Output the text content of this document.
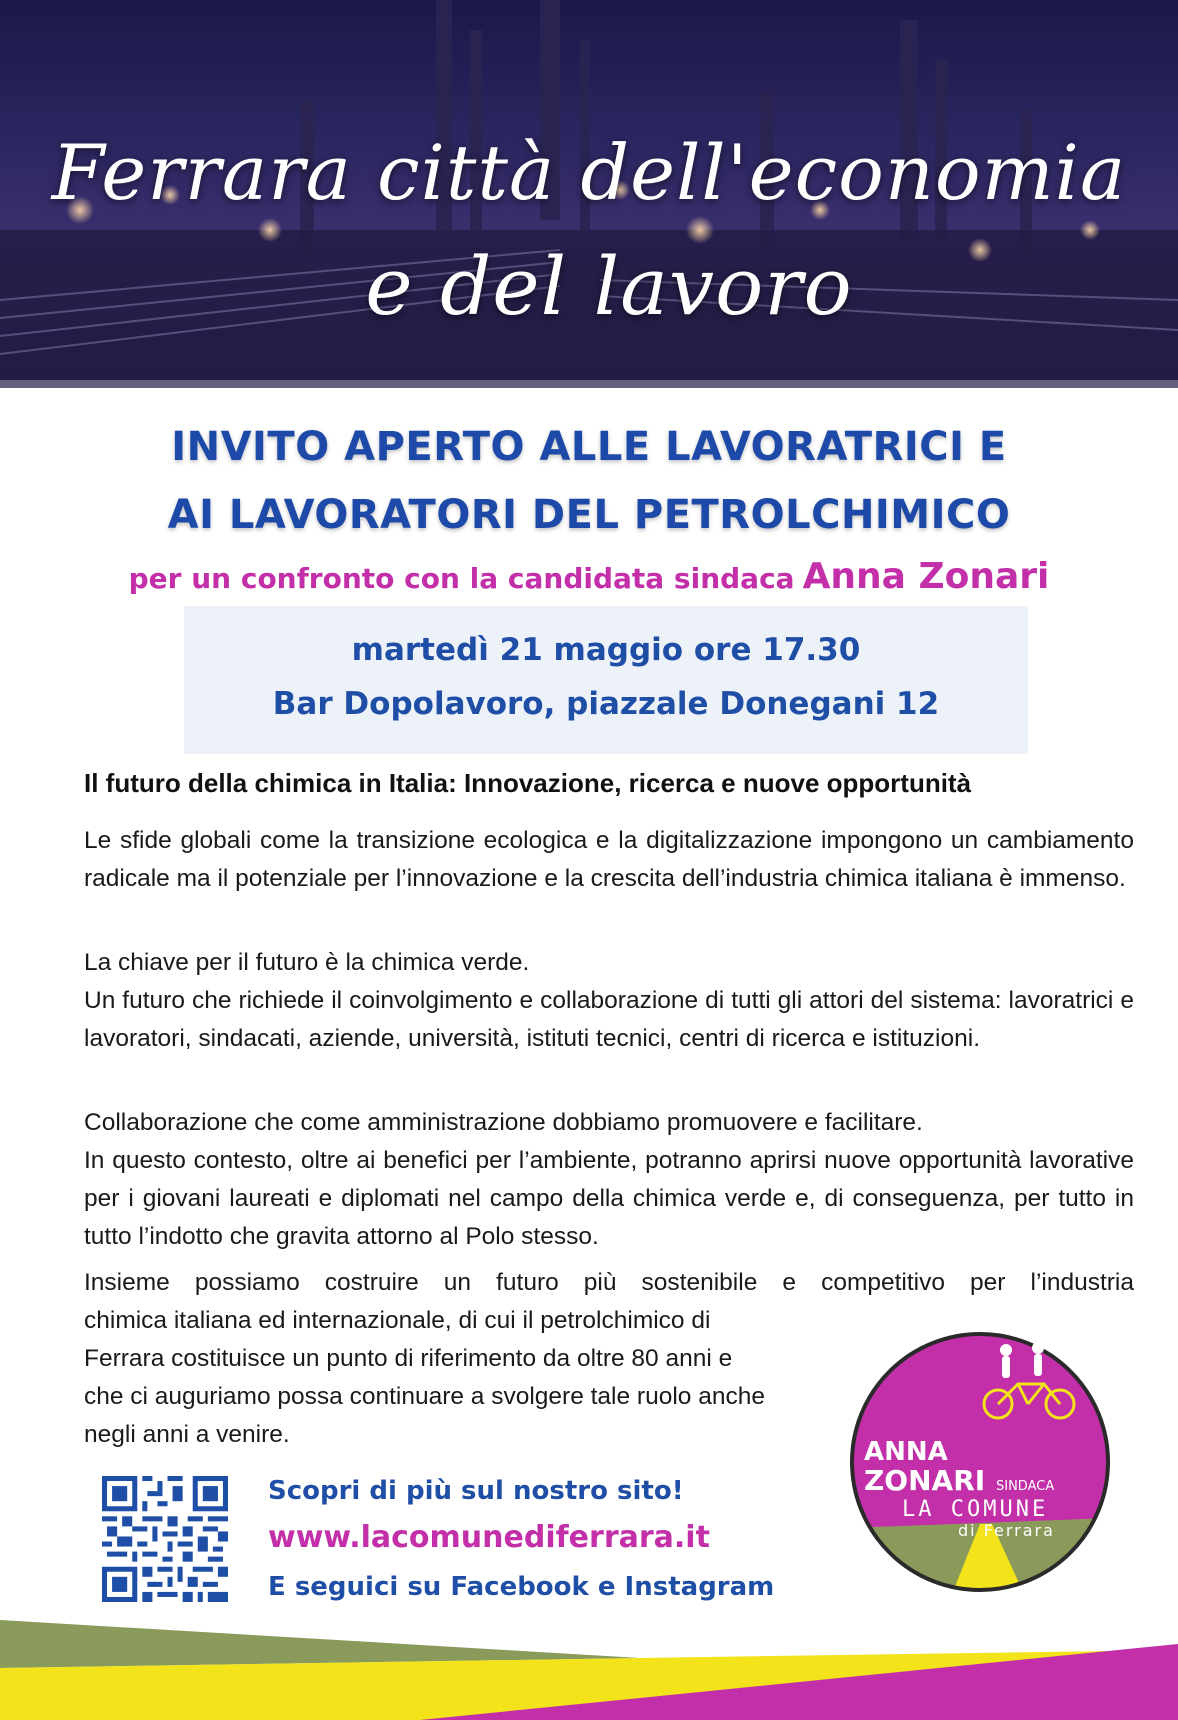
Ferrara città dell'economia
e del lavoro
INVITO APERTO ALLE LAVORATRICI E
AI LAVORATORI DEL PETROLCHIMICO
per un confronto con la candidata sindaca Anna Zonari
martedì 21 maggio ore 17.30
Bar Dopolavoro, piazzale Donegani 12
Il futuro della chimica in Italia: Innovazione, ricerca e nuove opportunità

Le sfide globali come la transizione ecologica e la digitalizzazione impongono un cambiamento radicale ma il potenziale per l’innovazione e la crescita dell’industria chimica italiana è immenso.

La chiave per il futuro è la chimica verde.
Un futuro che richiede il coinvolgimento e collaborazione di tutti gli attori del sistema: lavoratrici e lavoratori, sindacati, aziende, università, istituti tecnici, centri di ricerca e istituzioni.
Collaborazione che come amministrazione dobbiamo promuovere e facilitare.
In questo contesto, oltre ai benefici per l’ambiente, potranno aprirsi nuove opportunità lavorative per i giovani laureati e diplomati nel campo della chimica verde e, di conseguenza, per tutto in tutto l’indotto che gravita attorno al Polo stesso.

Insieme possiamo costruire un futuro più sostenibile e competitivo per l’industria

chimica italiana ed internazionale, di cui il petrolchimico di Ferrara costituisce un punto di riferimento da oltre 80 anni e che ci auguriamo possa continuare a svolgere tale ruolo anche negli anni a venire.

Scopri di più sul nostro sito!
www.lacomunediferrara.it
E seguici su Facebook e Instagram
ANNA
ZONARI SINDACA
LA COMUNE
di Ferrara
